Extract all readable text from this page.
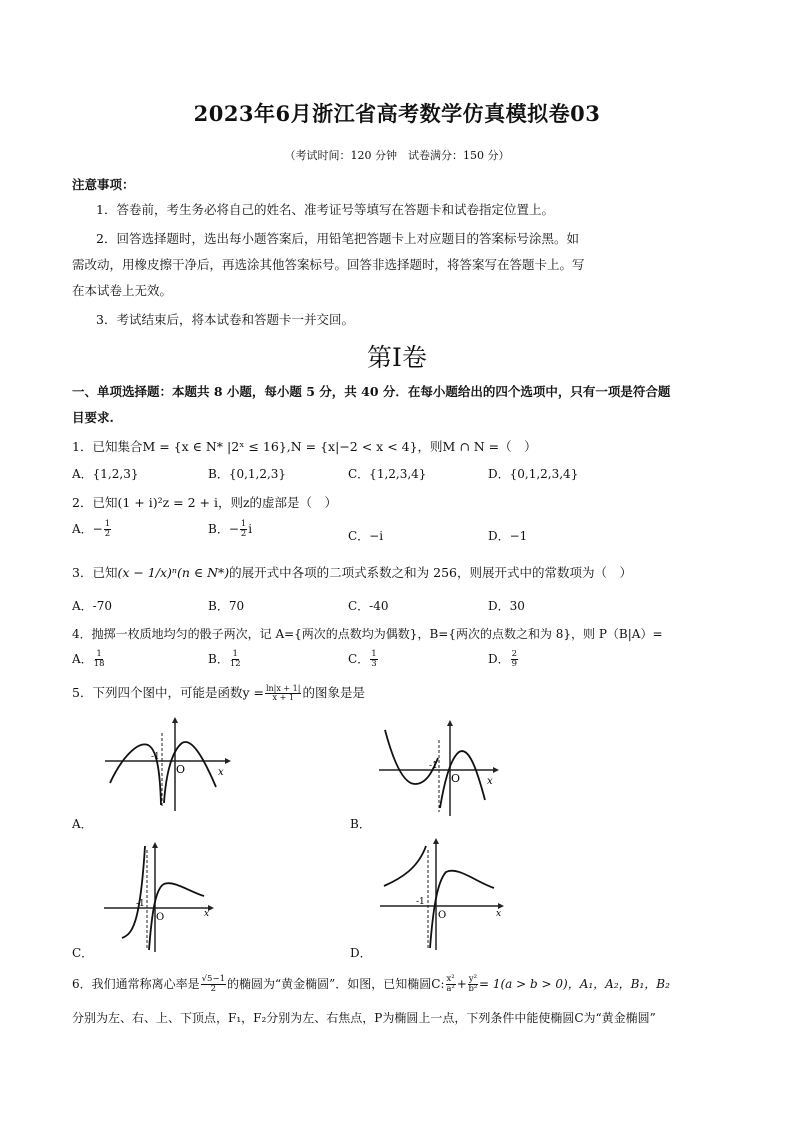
2023年6月浙江省高考数学仿真模拟卷03
（考试时间：120 分钟　试卷满分：150 分）
注意事项：
1．答卷前，考生务必将自己的姓名、准考证号等填写在答题卡和试卷指定位置上。
2．回答选择题时，选出每小题答案后，用铅笔把答题卡上对应题目的答案标号涂黑。如
需改动，用橡皮擦干净后，再选涂其他答案标号。回答非选择题时，将答案写在答题卡上。写
在本试卷上无效。
3．考试结束后，将本试卷和答题卡一并交回。
第Ⅰ卷
一、单项选择题：本题共 8 小题，每小题 5 分，共 40 分．在每小题给出的四个选项中，只有一项是符合题
目要求.
1．已知集合M = {x ∈ N* |2ˣ ≤ 16},N = {x|−2 < x < 4}，则M ∩ N =（　）
A．{1,2,3}	B．{0,1,2,3}	C．{1,2,3,4}	D．{0,1,2,3,4}
2．已知(1 + i)²z = 2 + i，则z的虚部是（　）
A．− $\frac{1}{2}$	B．− $\frac{1}{2}$ i	C．−i	D．−1
3．已知(x − 1/x)ⁿ(n ∈ N*)的展开式中各项的二项式系数之和为 256，则展开式中的常数项为（　）
A．-70	B．70	C．-40	D．30
4．抛掷一枚质地均匀的骰子两次，记 A={两次的点数均为偶数}，B={两次的点数之和为 8}，则 P（B|A）=
A． $\frac{1}{18}$	B． $\frac{1}{12}$	C． $\frac{1}{3}$	D． $\frac{2}{9}$
5．下列四个图中，可能是函数$y = \frac{\ln|x + 1|}{x + 1}$ 的图象是是
-1
O	x
A．
-1
O	x
B．
-1
O	x
C．
-1
O	x
D．
6．我们通常称离心率是 $\frac{√5-1}{2}$ 的椭圆为“黄金椭圆”．如图，已知椭圆C: $\frac{\text{x²}}{\text{a²}} + \frac{\text{y²}}{\text{b²}} = 1(a > b > 0)$，A₁，A₂，B₁，B₂
分别为左、右、上、下顶点，F₁，F₂分别为左、右焦点，P为椭圆上一点，下列条件中能使椭圆C为“黄金椭圆”
